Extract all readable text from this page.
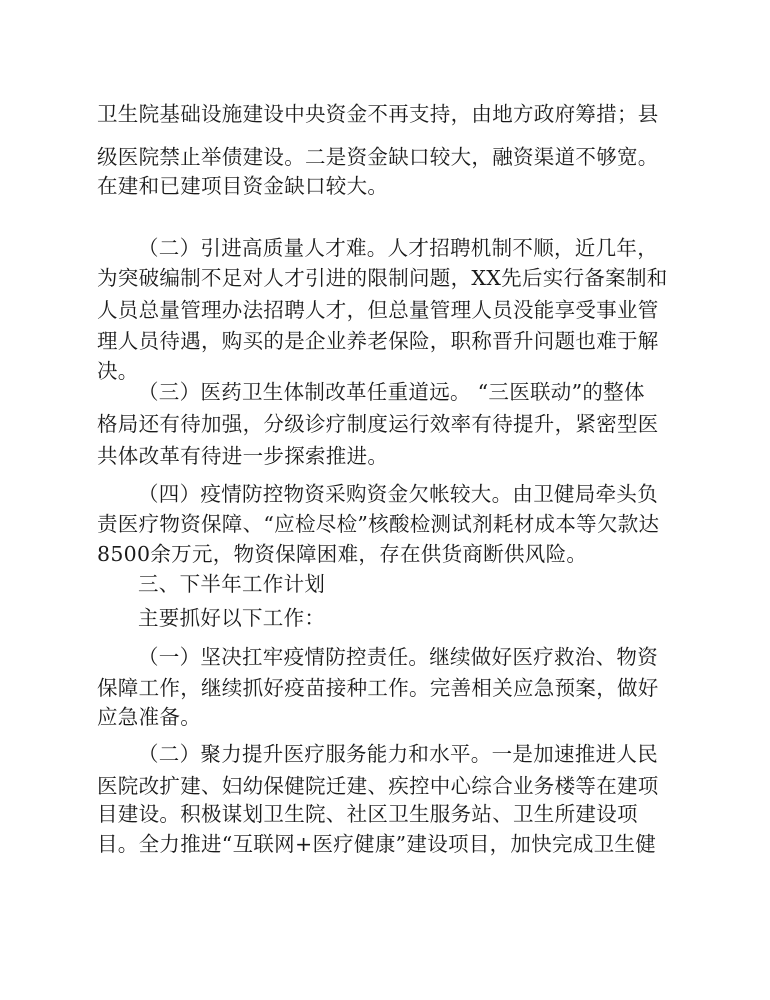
卫生院基础设施建设中央资金不再支持，由地方政府筹措；县
级医院禁止举债建设。二是资金缺口较大，融资渠道不够宽。
在建和已建项目资金缺口较大。
（二）引进高质量人才难。人才招聘机制不顺，近几年，
为突破编制不足对人才引进的限制问题，XX先后实行备案制和
人员总量管理办法招聘人才，但总量管理人员没能享受事业管
理人员待遇，购买的是企业养老保险，职称晋升问题也难于解
决。
（三）医药卫生体制改革任重道远。 “三医联动”的整体
格局还有待加强，分级诊疗制度运行效率有待提升，紧密型医
共体改革有待进一步探索推进。
（四）疫情防控物资采购资金欠帐较大。由卫健局牵头负
责医疗物资保障、“应检尽检”核酸检测试剂耗材成本等欠款达
8500余万元，物资保障困难，存在供货商断供风险。
三、下半年工作计划
主要抓好以下工作：
（一）坚决扛牢疫情防控责任。继续做好医疗救治、物资
保障工作，继续抓好疫苗接种工作。完善相关应急预案，做好
应急准备。
（二）聚力提升医疗服务能力和水平。一是加速推进人民
医院改扩建、妇幼保健院迁建、疾控中心综合业务楼等在建项
目建设。积极谋划卫生院、社区卫生服务站、卫生所建设项
目。全力推进“互联网+医疗健康”建设项目，加快完成卫生健
